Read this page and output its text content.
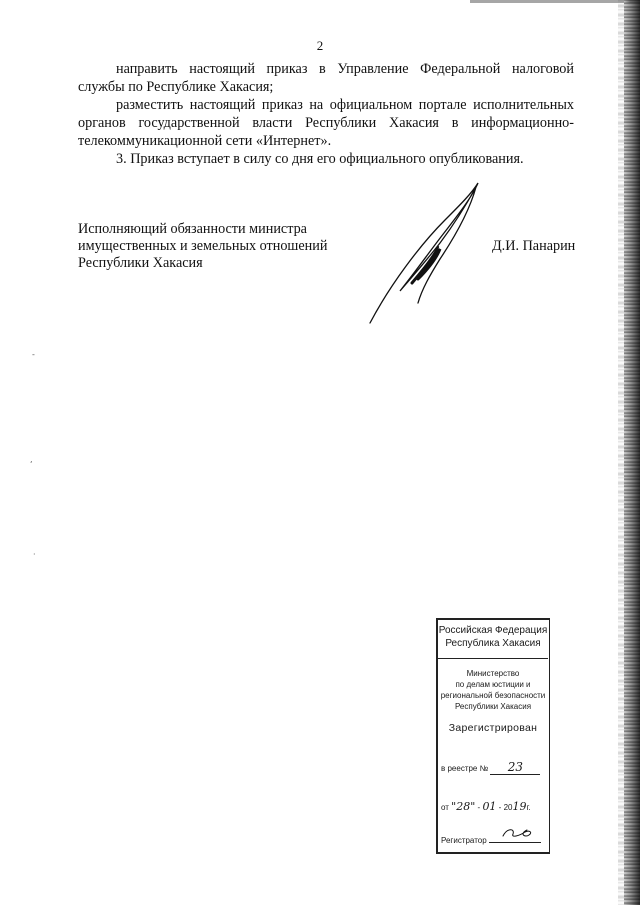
2

направить настоящий приказ в Управление Федеральной налоговой службы по Республике Хакасия;

разместить настоящий приказ на официальном портале исполнительных органов государственной власти Республики Хакасия в информационно-телекоммуникационной сети «Интернет».

3. Приказ вступает в силу со дня его официального опубликования.

Исполняющий обязанности министра
имущественных и земельных отношений
Республики Хакасия
Д.И. Панарин
-
,
·
Российская Федерация
Республика Хакасия
Министерство
по делам юстиции и
региональной безопасности
Республики Хакасия
Зарегистрирован
в реестре № 23
от "28" - 01 - 2019г.
Регистратор
